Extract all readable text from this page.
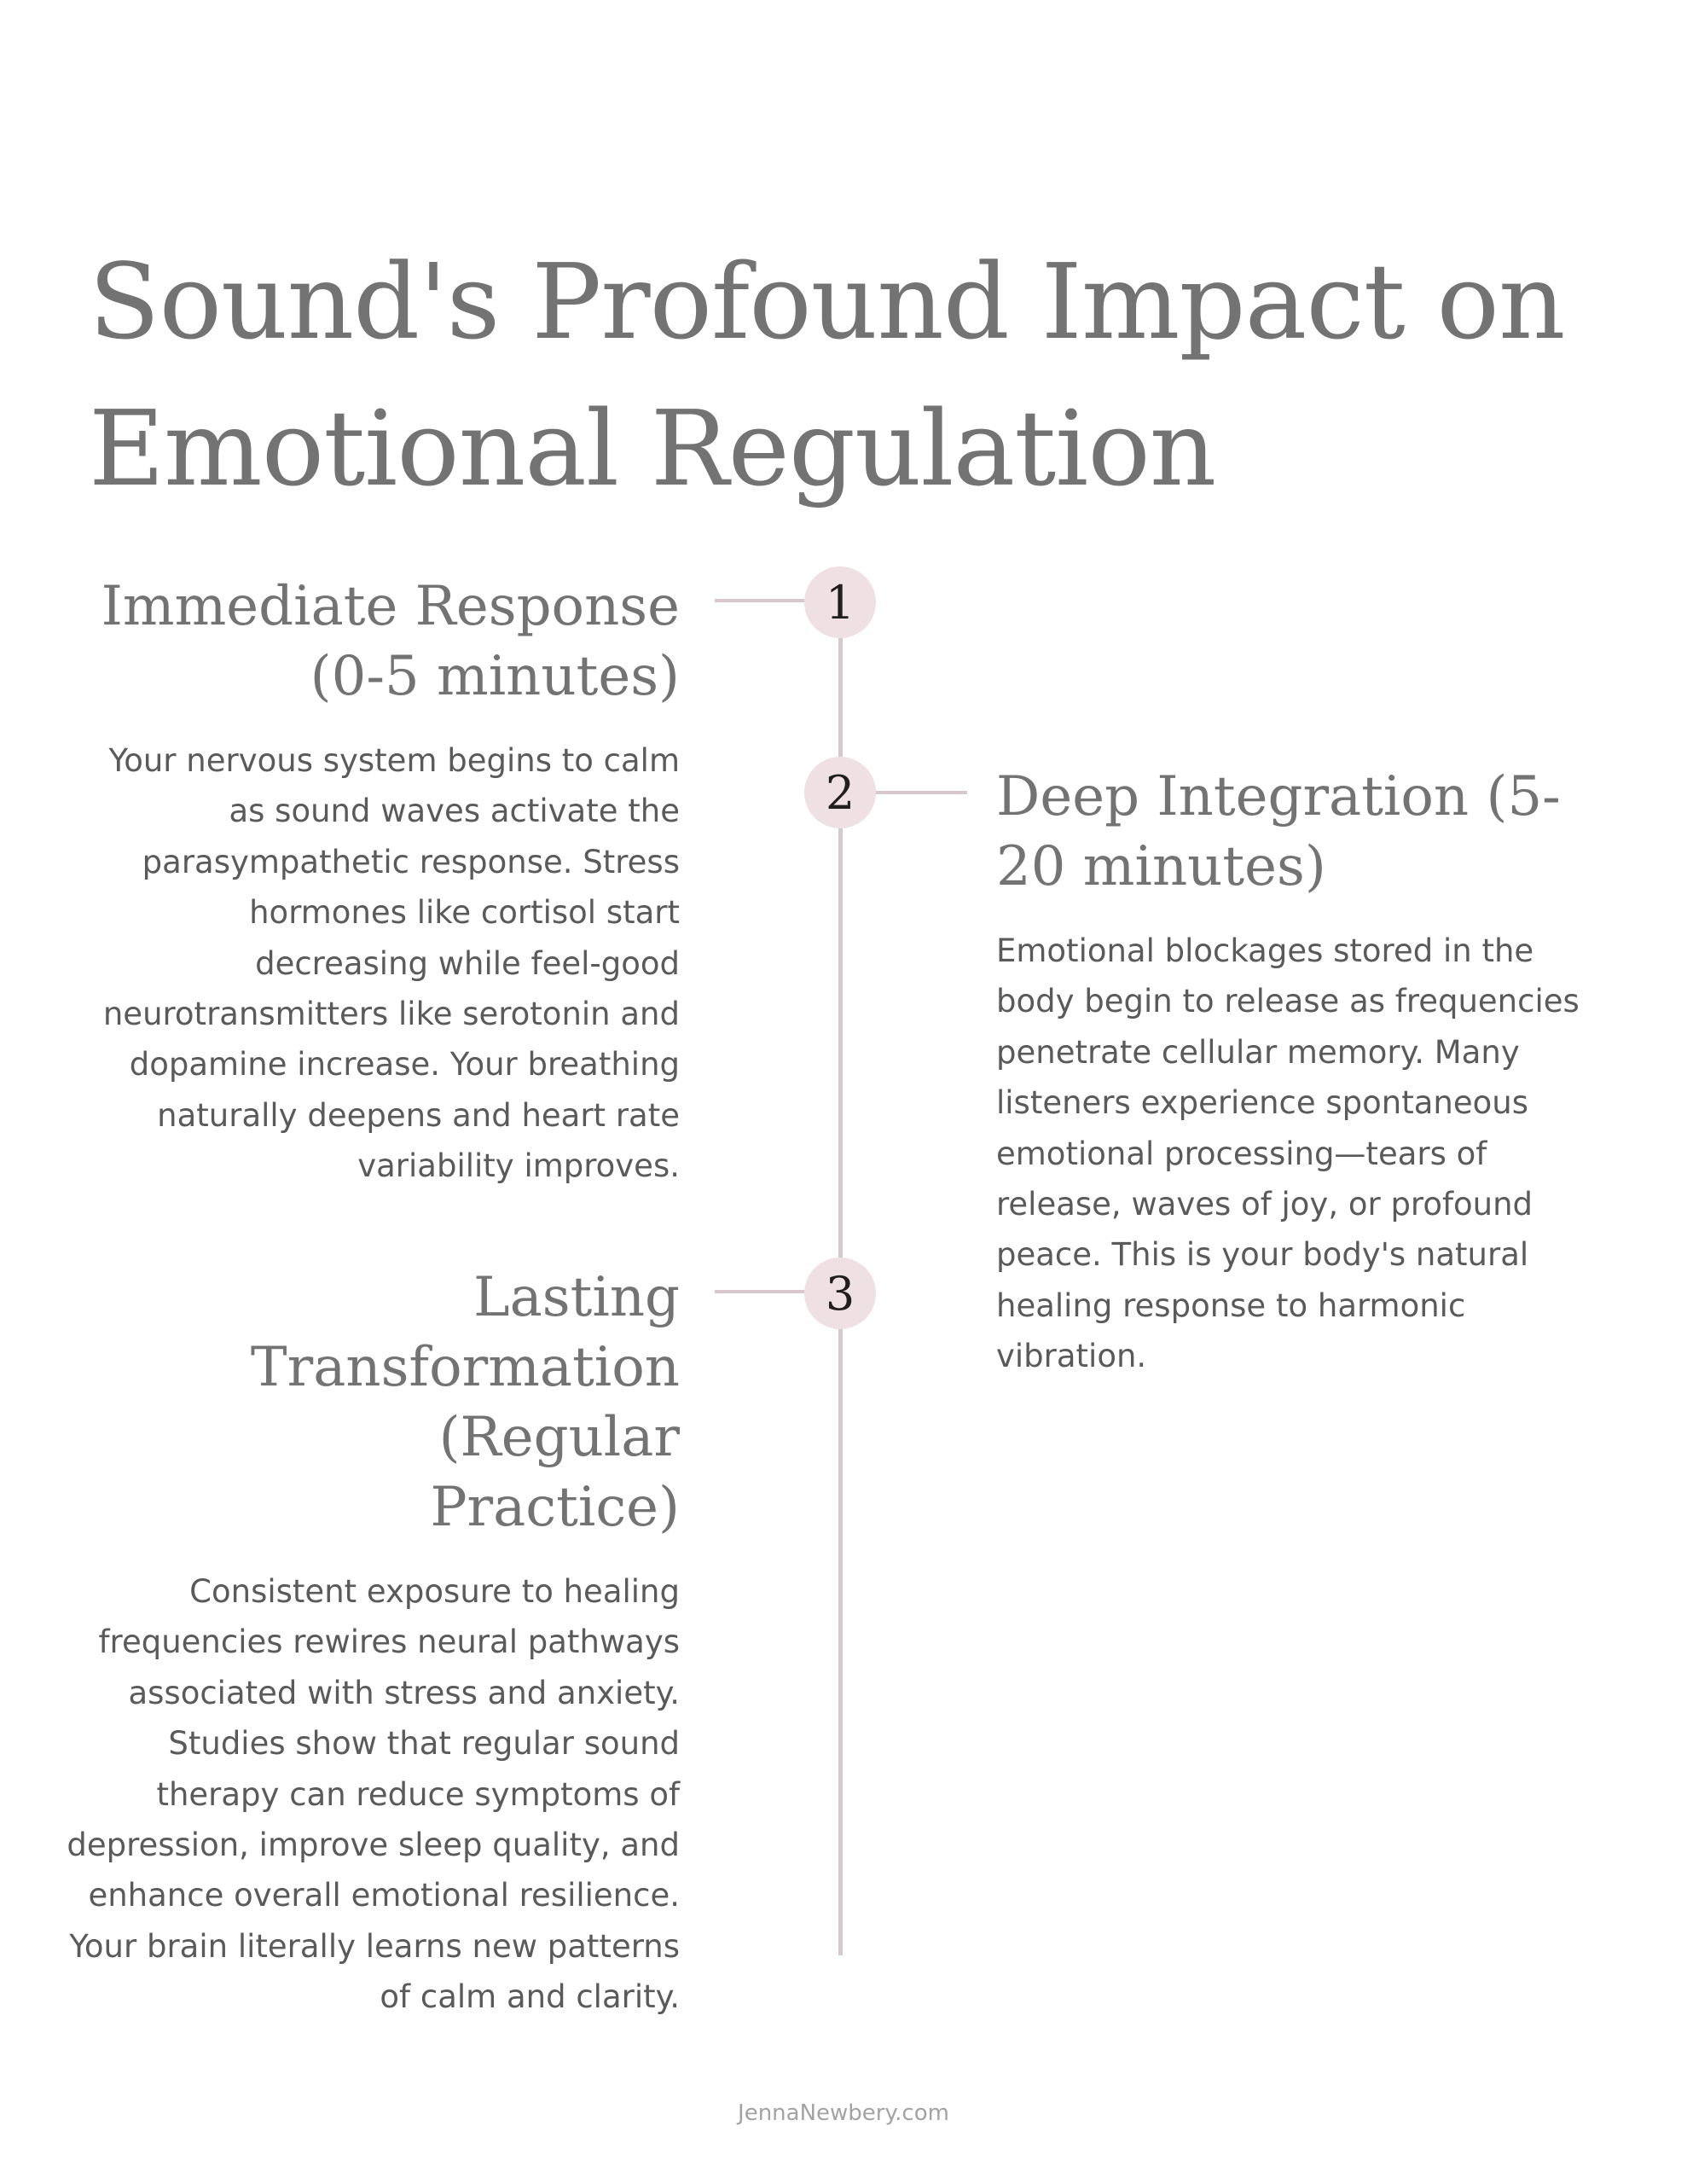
Sound's Profound Impact on Emotional Regulation
1
Immediate Response (0-5 minutes)

Your nervous system begins to calm as sound waves activate the parasympathetic response. Stress hormones like cortisol start decreasing while feel-good neurotransmitters like serotonin and dopamine increase. Your breathing naturally deepens and heart rate variability improves.

2	Deep Integration (5-20 minutes)

Emotional blockages stored in the body begin to release as frequencies penetrate cellular memory. Many listeners experience spontaneous emotional processing—tears of release, waves of joy, or profound peace. This is your body's natural healing response to harmonic vibration.

3
Lasting Transformation (Regular Practice)

Consistent exposure to healing frequencies rewires neural pathways associated with stress and anxiety. Studies show that regular sound therapy can reduce symptoms of depression, improve sleep quality, and enhance overall emotional resilience. Your brain literally learns new patterns of calm and clarity.

JennaNewbery.com
